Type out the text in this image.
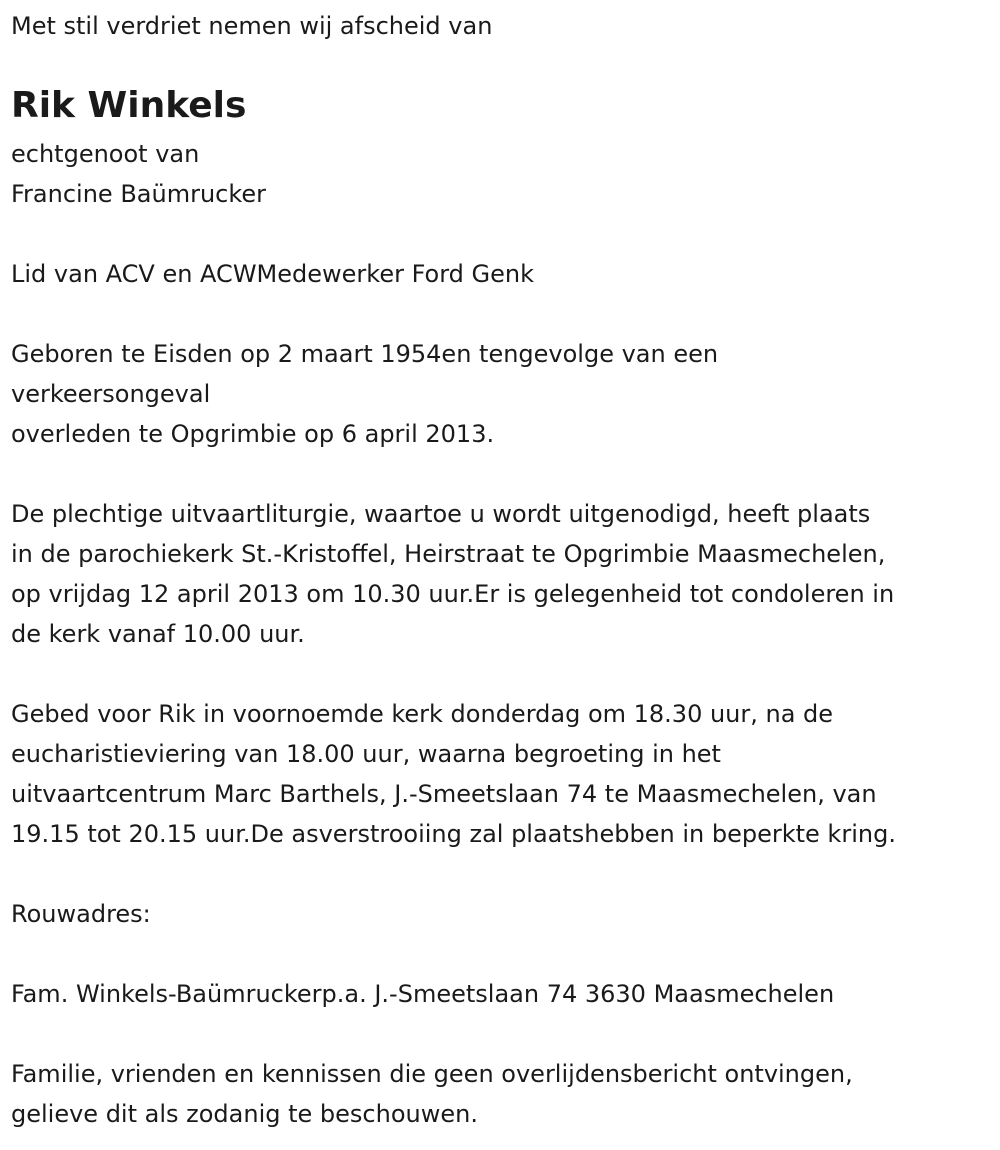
Met stil verdriet nemen wij afscheid van
Rik Winkels
echtgenoot van
Francine Baümrucker
Lid van ACV en ACWMedewerker Ford Genk
Geboren te Eisden op 2 maart 1954en tengevolge van een
verkeersongeval
overleden te Opgrimbie op 6 april 2013.
De plechtige uitvaartliturgie, waartoe u wordt uitgenodigd, heeft plaats
in de parochiekerk St.-Kristoffel, Heirstraat te Opgrimbie Maasmechelen,
op vrijdag 12 april 2013 om 10.30 uur.Er is gelegenheid tot condoleren in
de kerk vanaf 10.00 uur.
Gebed voor Rik in voornoemde kerk donderdag om 18.30 uur, na de
eucharistieviering van 18.00 uur, waarna begroeting in het
uitvaartcentrum Marc Barthels, J.-Smeetslaan 74 te Maasmechelen, van
19.15 tot 20.15 uur.De asverstrooiing zal plaatshebben in beperkte kring.
Rouwadres:
Fam. Winkels-Baümruckerp.a. J.-Smeetslaan 74 3630 Maasmechelen
Familie, vrienden en kennissen die geen overlijdensbericht ontvingen,
gelieve dit als zodanig te beschouwen.
